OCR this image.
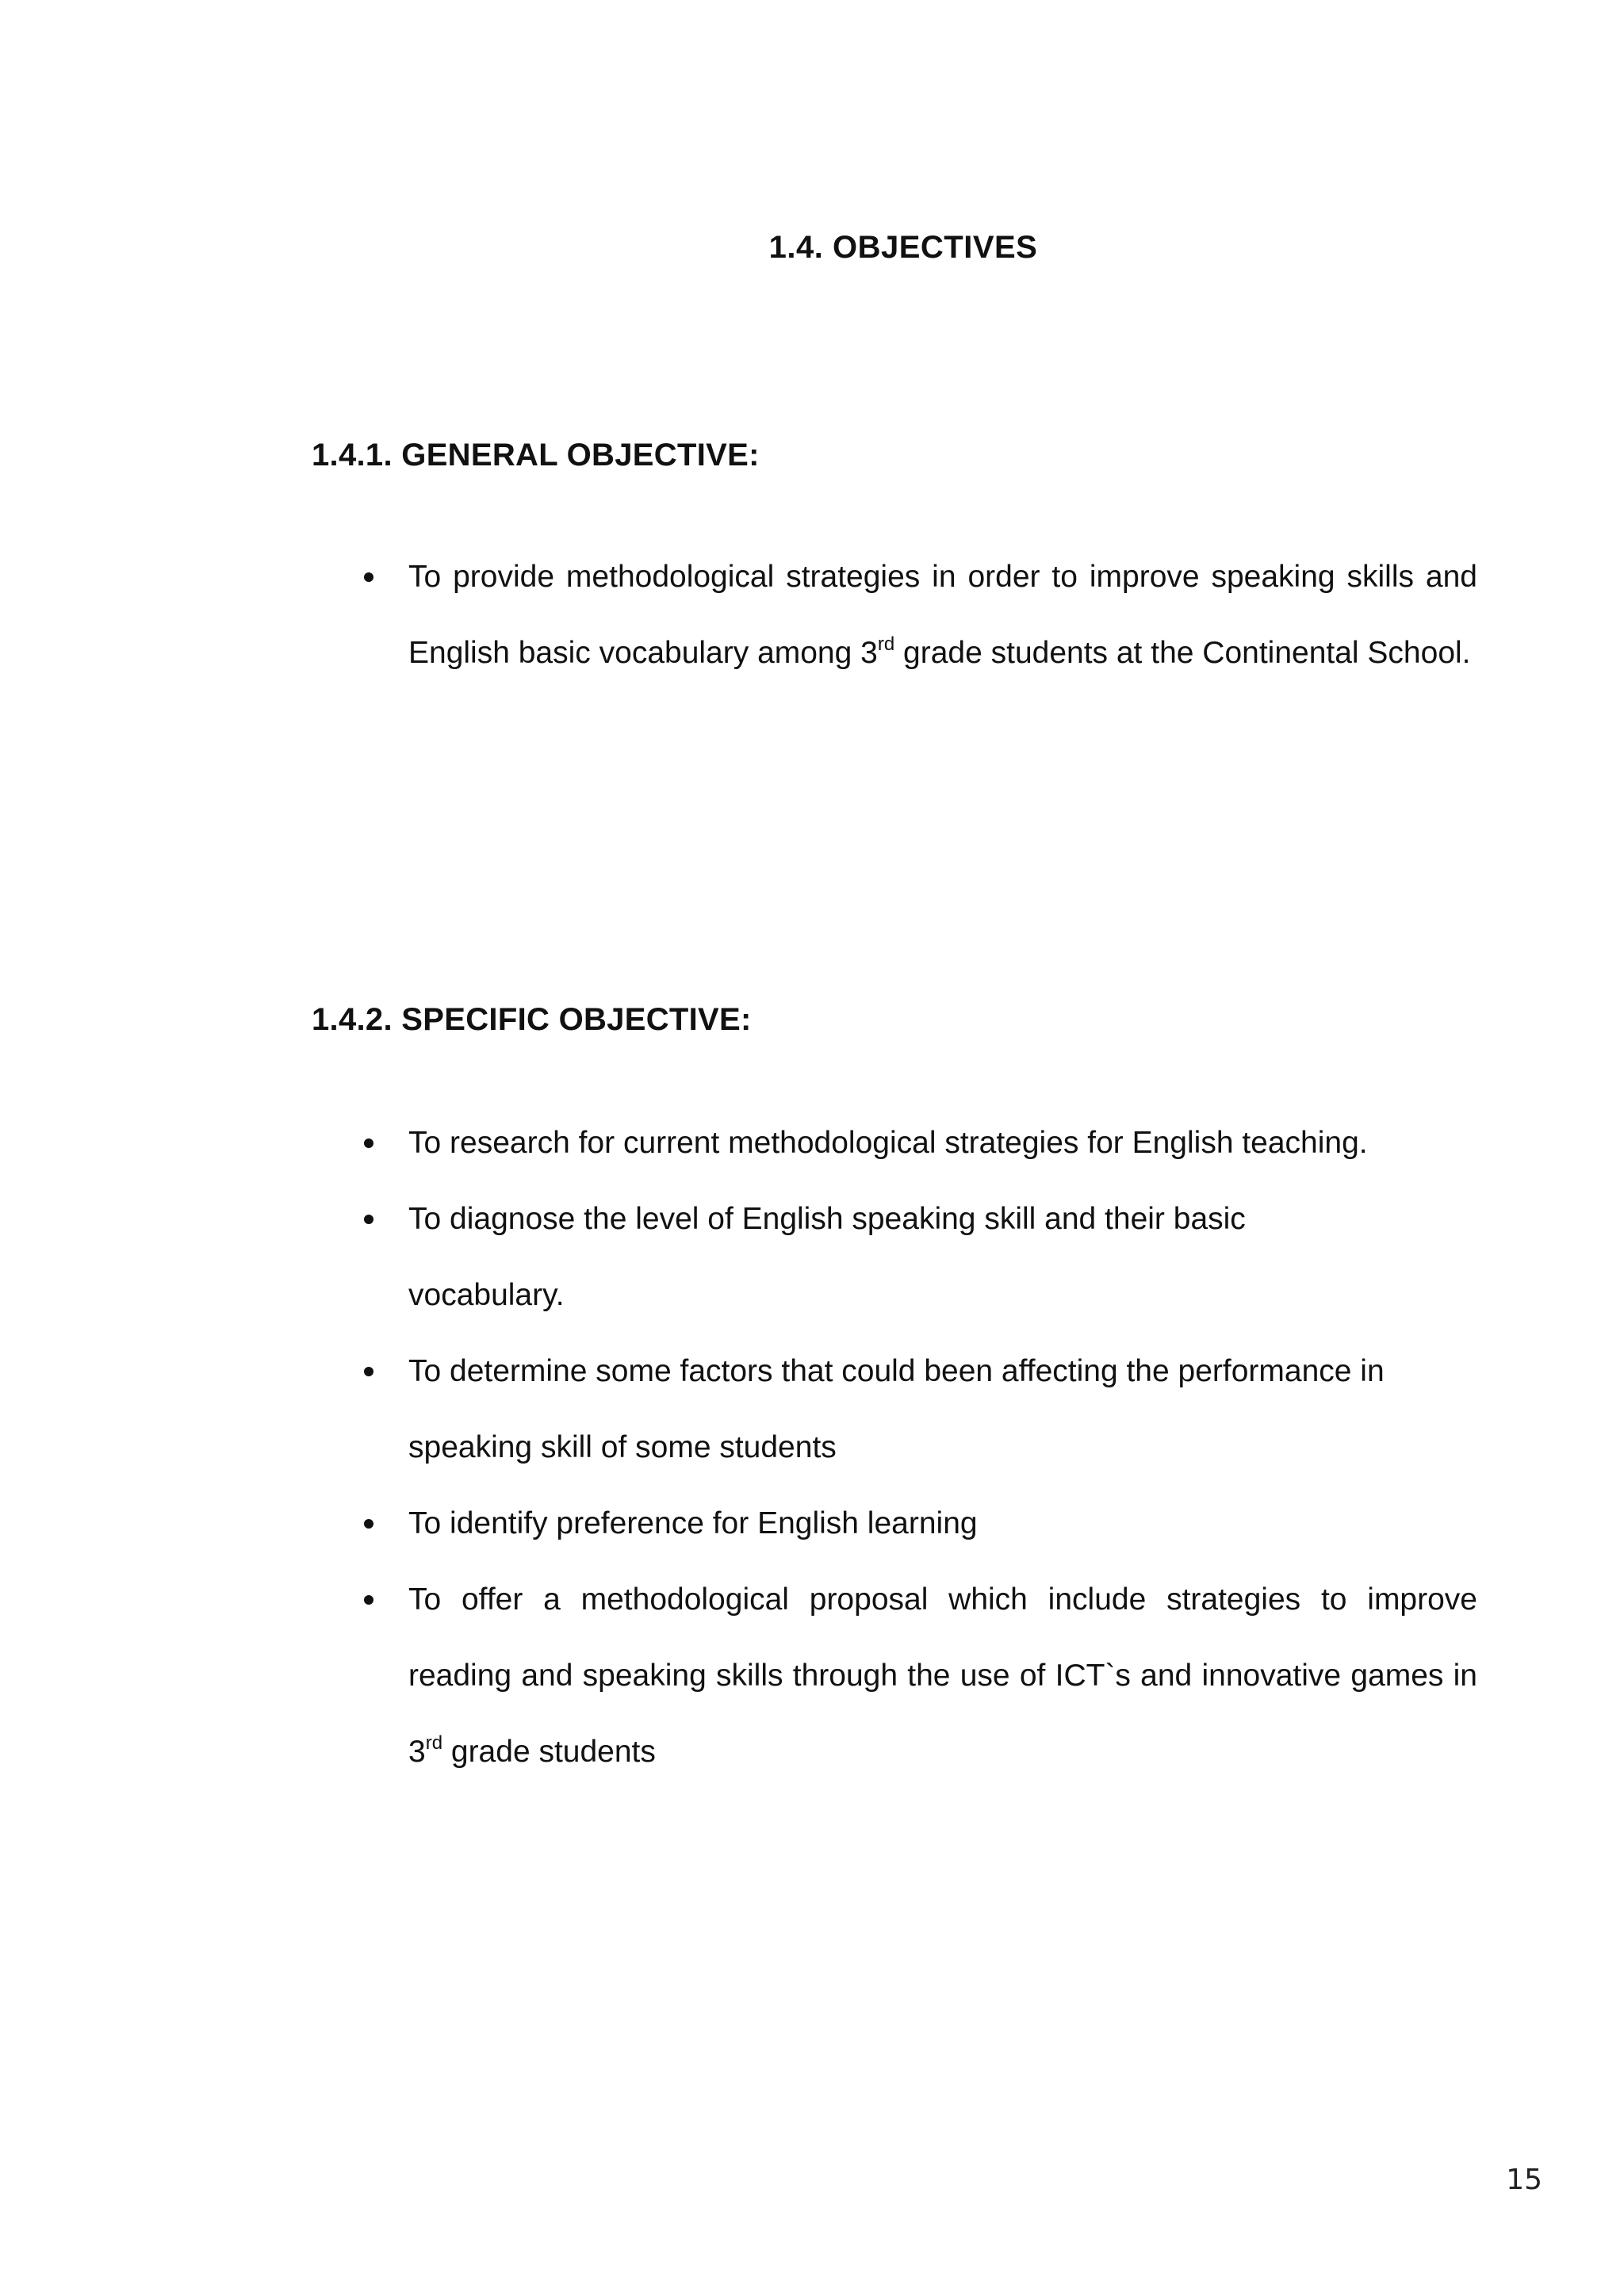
1.4. OBJECTIVES
1.4.1. GENERAL OBJECTIVE:
To provide methodological strategies in order to improve speaking skills and English basic vocabulary among 3rd grade students at the Continental School.
1.4.2. SPECIFIC OBJECTIVE:
To research for current methodological strategies for English teaching.
To diagnose the level of English speaking skill and their basic vocabulary.
To determine some factors that could been affecting the performance in speaking skill of some students
To identify preference for English learning
To offer a methodological proposal which include strategies to improve reading and speaking skills through the use of ICT`s and innovative games in 3rd grade students
15
